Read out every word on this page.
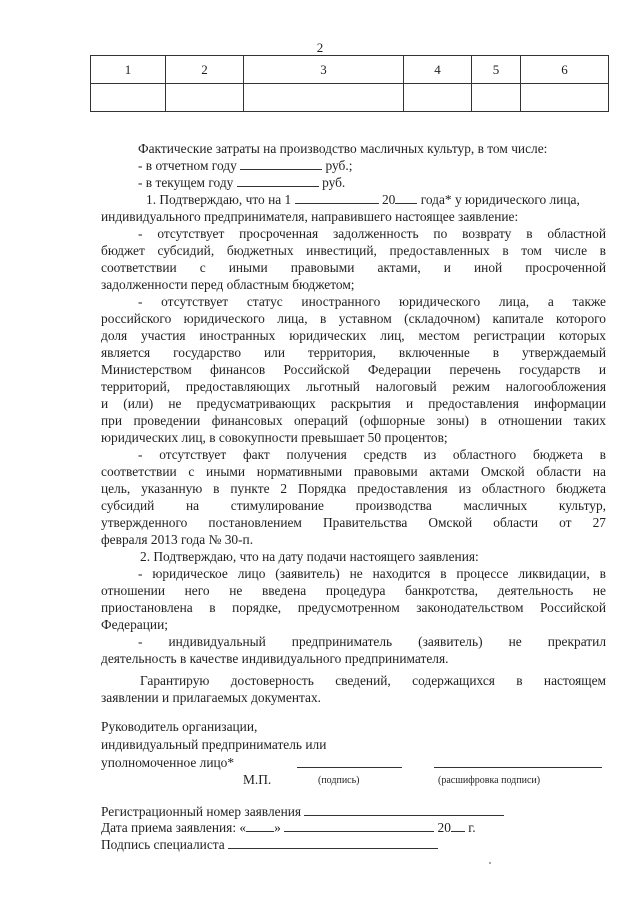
2
1	2	3	4	5	6

Фактические затраты на производство масличных культур, в том числе:
- в отчетном году	руб.;
- в текущем году	руб.
1. Подтверждаю, что на 1	20 года* у юридического лица,
индивидуального предпринимателя, направившего настоящее заявление:
- отсутствует просроченная задолженность по возврату в областной
бюджет субсидий, бюджетных инвестиций, предоставленных в том числе в
соответствии с иными правовыми актами, и иной просроченной
задолженности перед областным бюджетом;
- отсутствует статус иностранного юридического лица, а также
российского юридического лица, в уставном (складочном) капитале которого
доля участия иностранных юридических лиц, местом регистрации которых
является государство или территория, включенные в утверждаемый
Министерством финансов Российской Федерации перечень государств и
территорий, предоставляющих льготный налоговый режим налогообложения
и (или) не предусматривающих раскрытия и предоставления информации
при проведении финансовых операций (офшорные зоны) в отношении таких
юридических лиц, в совокупности превышает 50 процентов;
- отсутствует факт получения средств из областного бюджета в
соответствии с иными нормативными правовыми актами Омской области на
цель, указанную в пункте 2 Порядка предоставления из областного бюджета
субсидий на стимулирование производства масличных культур,
утвержденного постановлением Правительства Омской области от 27
февраля 2013 года № 30-п.
2. Подтверждаю, что на дату подачи настоящего заявления:
- юридическое лицо (заявитель) не находится в процессе ликвидации, в
отношении него не введена процедура банкротства, деятельность не
приостановлена в порядке, предусмотренном законодательством Российской
Федерации;
- индивидуальный предприниматель (заявитель) не прекратил
деятельность в качестве индивидуального предпринимателя.
Гарантирую достоверность сведений, содержащихся в настоящем
заявлении и прилагаемых документах.
Руководитель организации,
индивидуальный предприниматель или
уполномоченное лицо*
М.П.	(подпись)	(расшифровка подписи)
Регистрационный номер заявления
Дата приема заявления: « »	20 г.
Подпись специалиста
